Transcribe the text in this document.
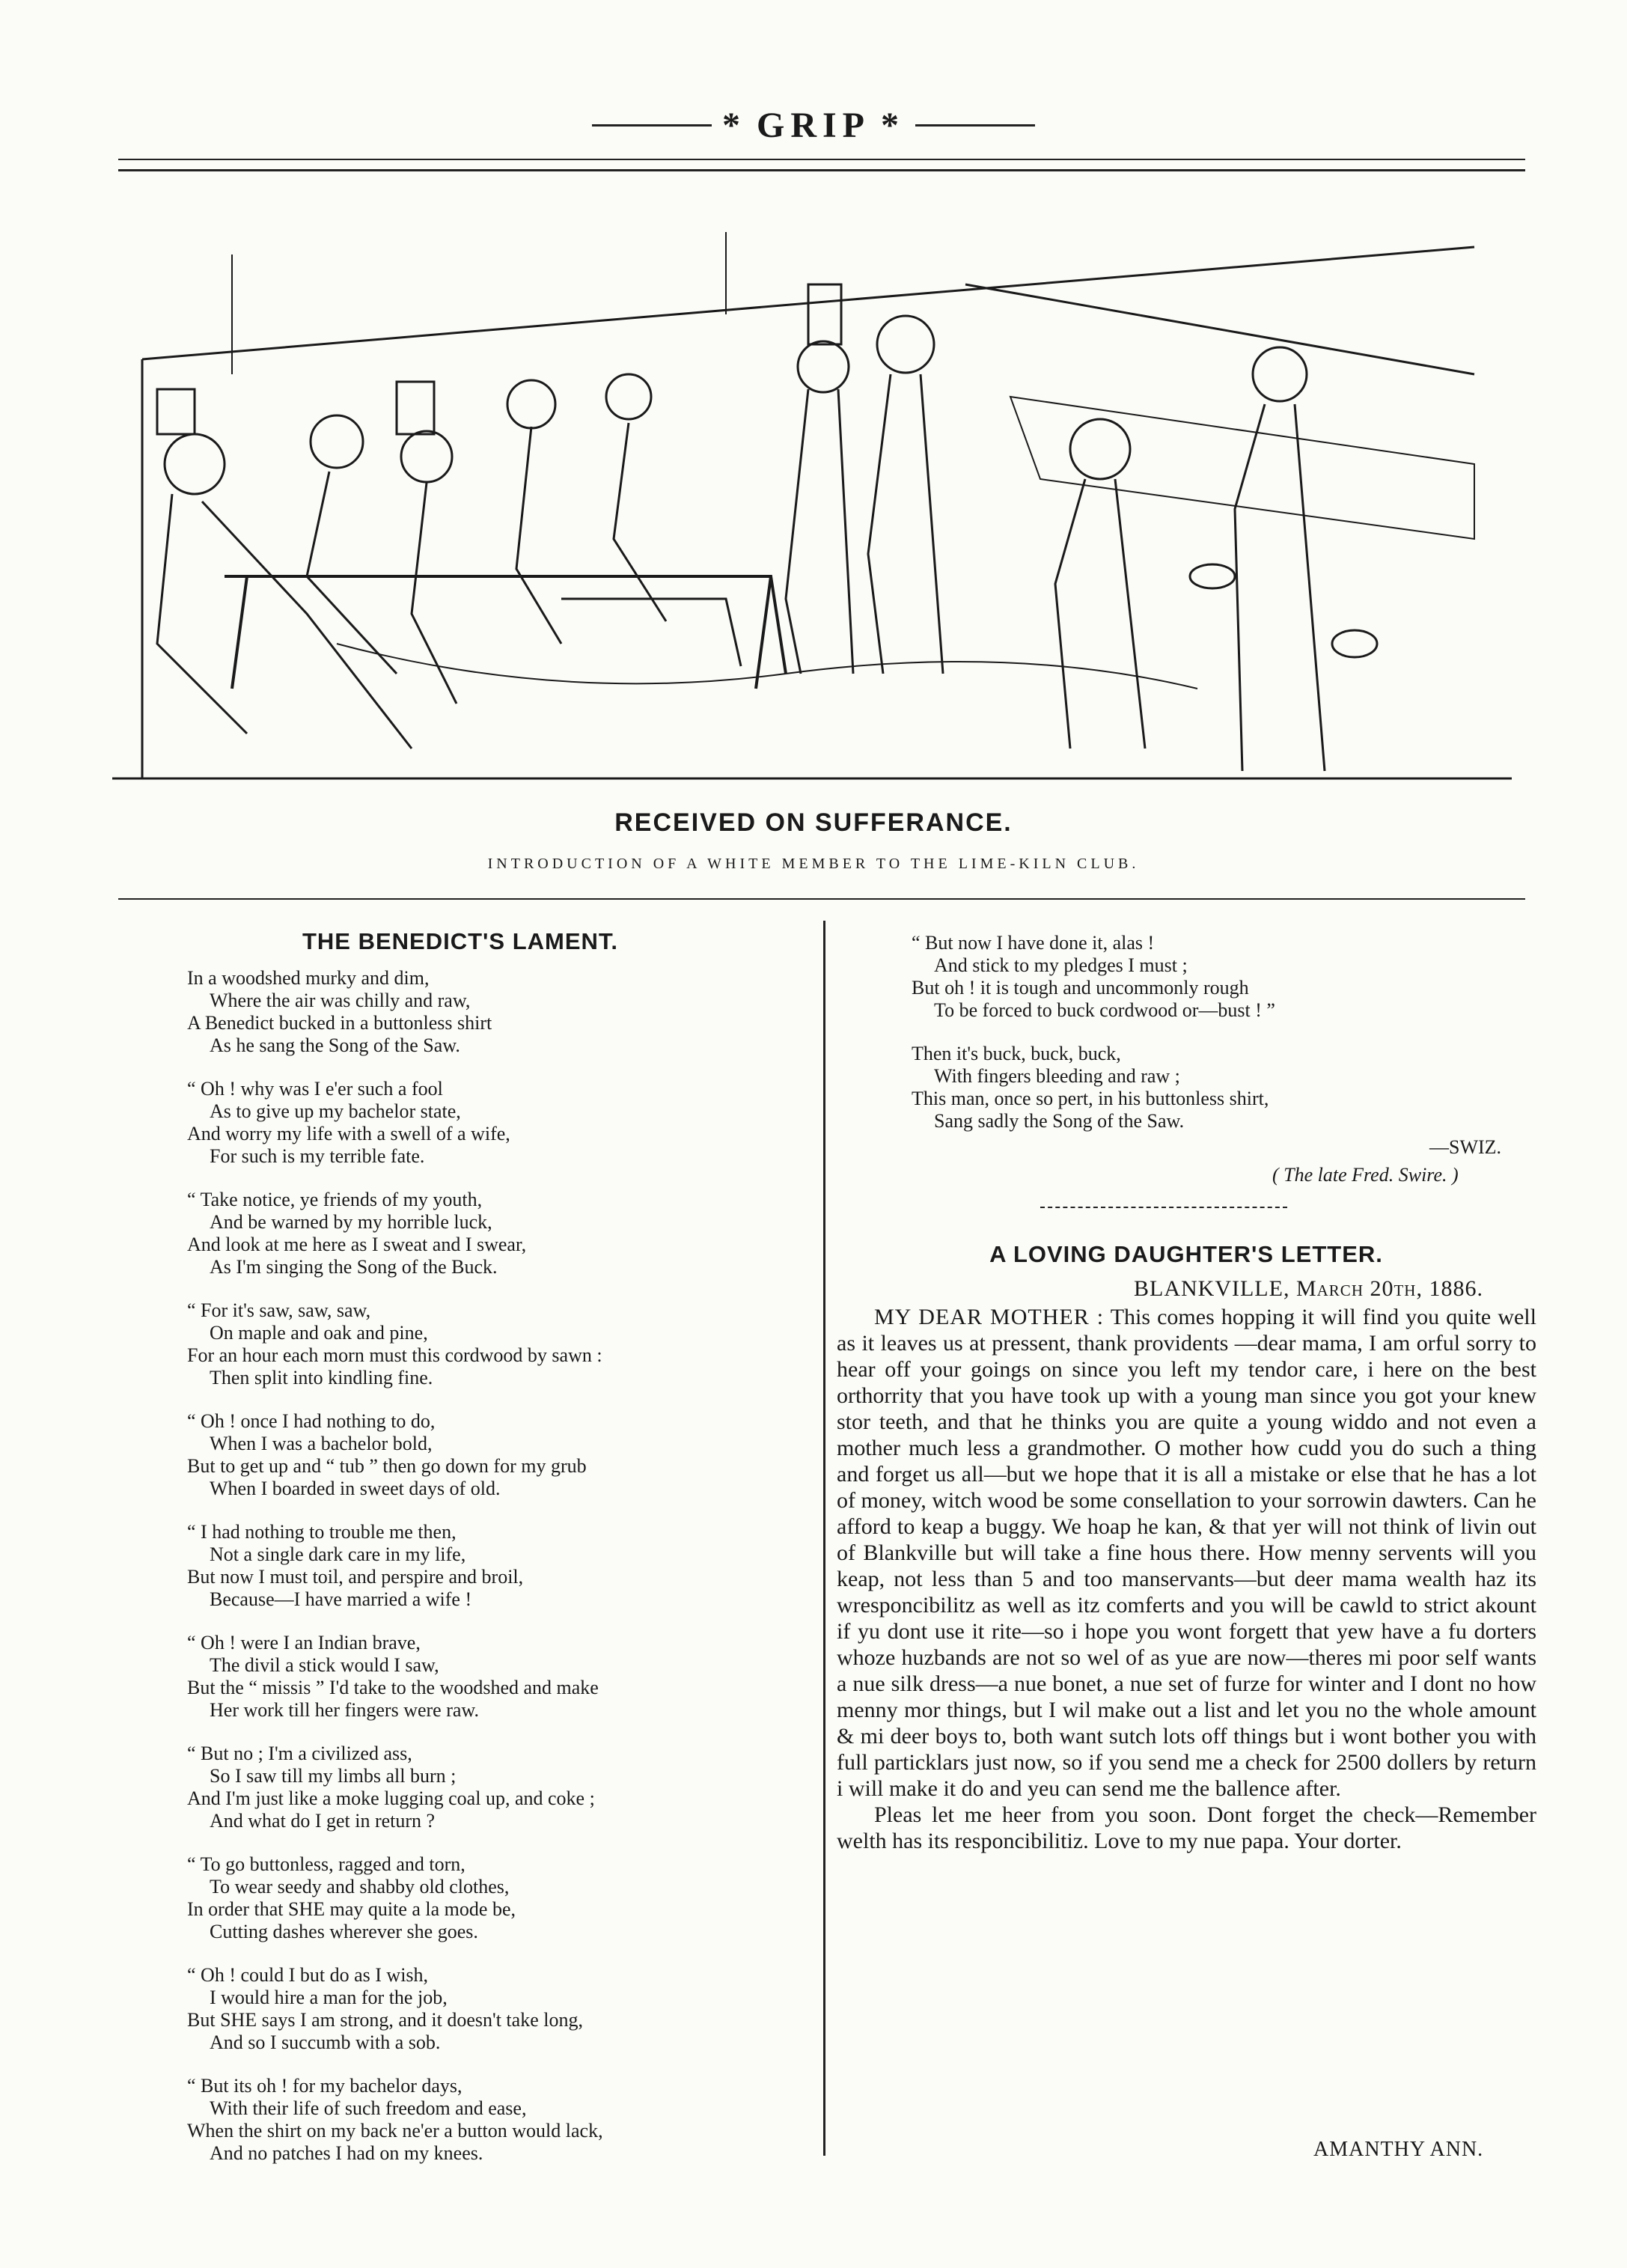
* GRIP *
RECEIVED ON SUFFERANCE.
INTRODUCTION OF A WHITE MEMBER TO THE LIME-KILN CLUB.
THE BENEDICT'S LAMENT.
In a woodshed murky and dim,
Where the air was chilly and raw,
A Benedict bucked in a buttonless shirt
As he sang the Song of the Saw.
“ Oh ! why was I e'er such a fool
As to give up my bachelor state,
And worry my life with a swell of a wife,
For such is my terrible fate.
“ Take notice, ye friends of my youth,
And be warned by my horrible luck,
And look at me here as I sweat and I swear,
As I'm singing the Song of the Buck.
“ For it's saw, saw, saw,
On maple and oak and pine,
For an hour each morn must this cordwood by sawn :
Then split into kindling fine.
“ Oh ! once I had nothing to do,
When I was a bachelor bold,
But to get up and “ tub ” then go down for my grub
When I boarded in sweet days of old.
“ I had nothing to trouble me then,
Not a single dark care in my life,
But now I must toil, and perspire and broil,
Because—I have married a wife !
“ Oh ! were I an Indian brave,
The divil a stick would I saw,
But the “ missis ” I'd take to the woodshed and make
Her work till her fingers were raw.
“ But no ; I'm a civilized ass,
So I saw till my limbs all burn ;
And I'm just like a moke lugging coal up, and coke ;
And what do I get in return ?
“ To go buttonless, ragged and torn,
To wear seedy and shabby old clothes,
In order that SHE may quite a la mode be,
Cutting dashes wherever she goes.
“ Oh ! could I but do as I wish,
I would hire a man for the job,
But SHE says I am strong, and it doesn't take long,
And so I succumb with a sob.
“ But its oh ! for my bachelor days,
With their life of such freedom and ease,
When the shirt on my back ne'er a button would lack,
And no patches I had on my knees.
“ But now I have done it, alas !
And stick to my pledges I must ;
But oh ! it is tough and uncommonly rough
To be forced to buck cordwood or—bust ! ”
Then it's buck, buck, buck,
With fingers bleeding and raw ;
This man, once so pert, in his buttonless shirt,
Sang sadly the Song of the Saw.
—SWIZ.
( The late Fred. Swire. )
A LOVING DAUGHTER'S LETTER.
BLANKVILLE, March 20th, 1886.

MY DEAR MOTHER : This comes hopping it will find you quite well as it leaves us at pressent, thank providents —dear mama, I am orful sorry to hear off your goings on since you left my tendor care, i here on the best orthorrity that you have took up with a young man since you got your knew stor teeth, and that he thinks you are quite a young widdo and not even a mother much less a grandmother. O mother how cudd you do such a thing and forget us all—but we hope that it is all a mistake or else that he has a lot of money, witch wood be some consellation to your sorrowin dawters. Can he afford to keap a buggy. We hoap he kan, & that yer will not think of livin out of Blankville but will take a fine hous there. How menny servents will you keap, not less than 5 and too manservants—but deer mama wealth haz its wresponcibilitz as well as itz comferts and you will be cawld to strict akount if yu dont use it rite—so i hope you wont forgett that yew have a fu dorters whoze huzbands are not so wel of as yue are now—theres mi poor self wants a nue silk dress—a nue bonet, a nue set of furze for winter and I dont no how menny mor things, but I wil make out a list and let you no the whole amount & mi deer boys to, both want sutch lots off things but i wont bother you with full particklars just now, so if you send me a check for 2500 dollers by return i will make it do and yeu can send me the ballence after.

Pleas let me heer from you soon. Dont forget the check—Remember welth has its responcibilitiz. Love to my nue papa. Your dorter.

AMANTHY ANN.
